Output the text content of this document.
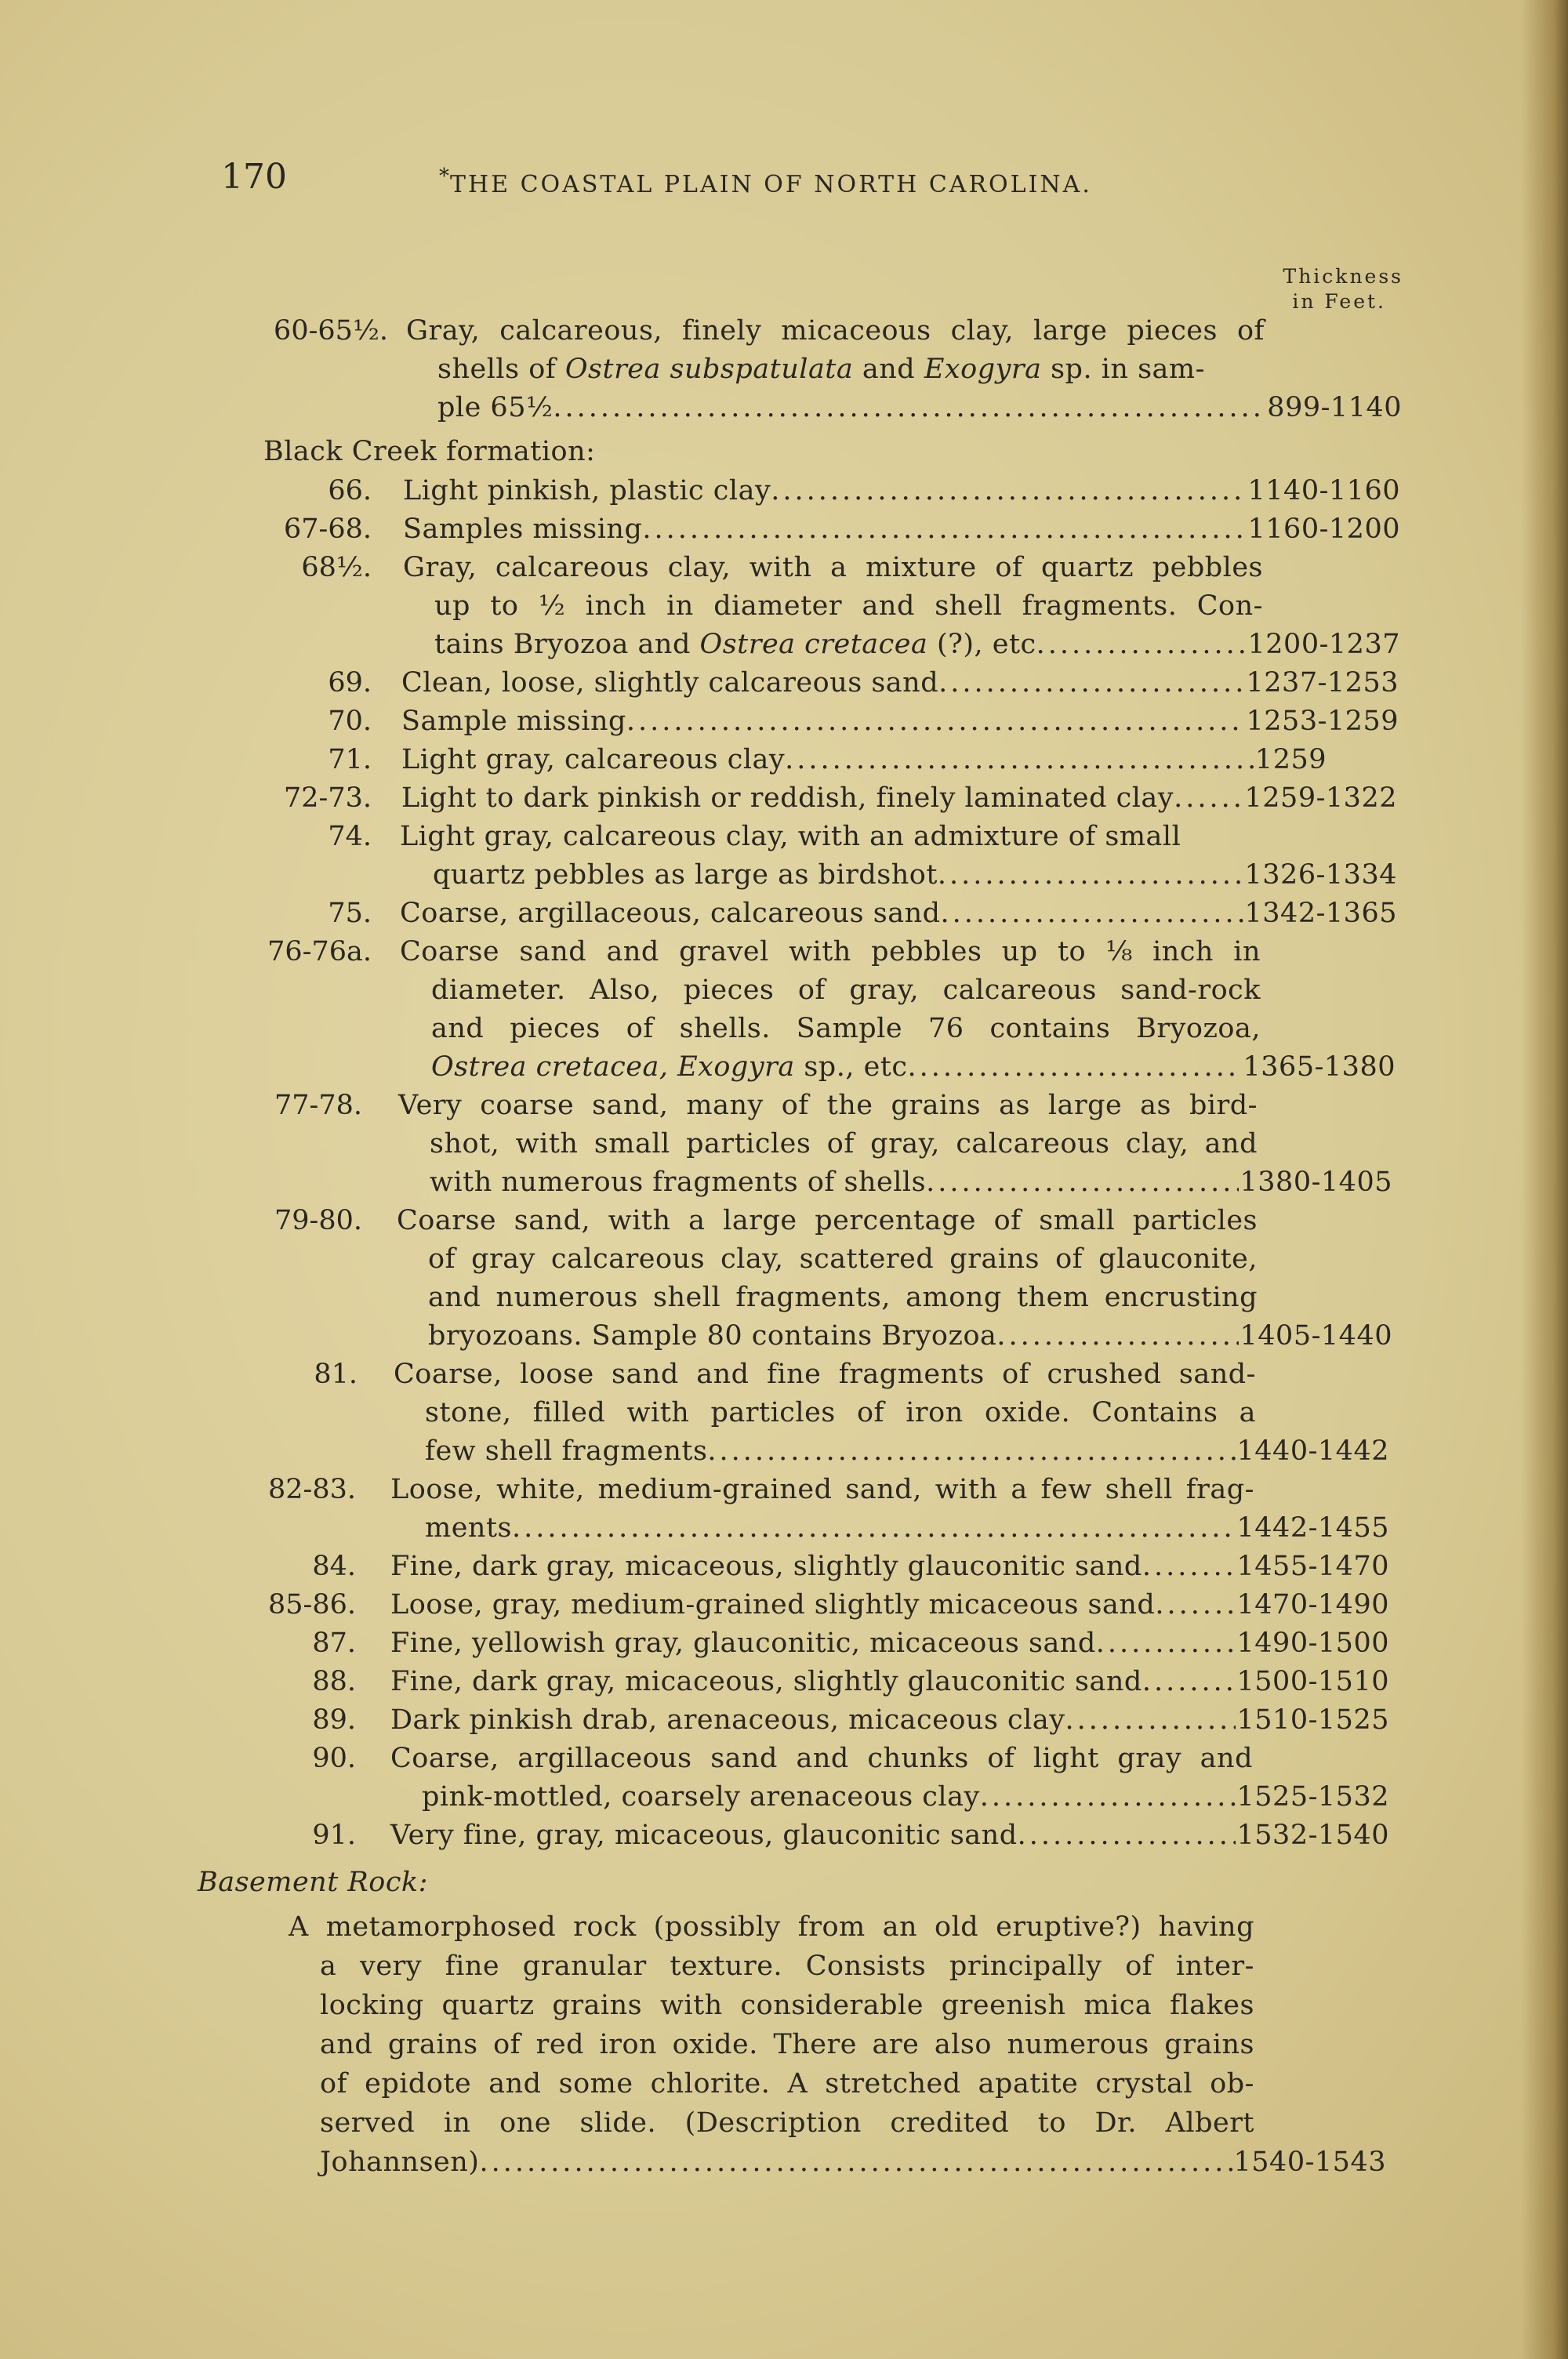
170	* THE COASTAL PLAIN OF NORTH CAROLINA.
Thickness
in Feet.
60-65½. Gray, calcareous, finely micaceous clay, large pieces of
shells of Ostrea subspatulata and Exogyra sp. in sam-
ple 65½ .....	899-1140
Black Creek formation:
66. Light pinkish, plastic clay .....	1140-1160
67-68. Samples missing .....	1160-1200
68½. Gray, calcareous clay, with a mixture of quartz pebbles
up to ½ inch in diameter and shell fragments. Con-
tains Bryozoa and Ostrea cretacea (?), etc .....	1200-1237
69. Clean, loose, slightly calcareous sand .....	1237-1253
70. Sample missing .....	1253-1259
71. Light gray, calcareous clay .....	1259
72-73. Light to dark pinkish or reddish, finely laminated clay .....	1259-1322
74. Light gray, calcareous clay, with an admixture of small
quartz pebbles as large as birdshot .....	1326-1334
75. Coarse, argillaceous, calcareous sand .....	1342-1365
76-76a. Coarse sand and gravel with pebbles up to ⅛ inch in
diameter. Also, pieces of gray, calcareous sand-rock
and pieces of shells. Sample 76 contains Bryozoa,
Ostrea cretacea, Exogyra sp., etc .....	1365-1380
77-78. Very coarse sand, many of the grains as large as bird-
shot, with small particles of gray, calcareous clay, and
with numerous fragments of shells .....	1380-1405
79-80. Coarse sand, with a large percentage of small particles
of gray calcareous clay, scattered grains of glauconite,
and numerous shell fragments, among them encrusting
bryozoans. Sample 80 contains Bryozoa .....	1405-1440
81. Coarse, loose sand and fine fragments of crushed sand-
stone, filled with particles of iron oxide. Contains a
few shell fragments .....	1440-1442
82-83. Loose, white, medium-grained sand, with a few shell frag-
ments .....	1442-1455
84. Fine, dark gray, micaceous, slightly glauconitic sand .....	1455-1470
85-86. Loose, gray, medium-grained slightly micaceous sand .....	1470-1490
87. Fine, yellowish gray, glauconitic, micaceous sand .....	1490-1500
88. Fine, dark gray, micaceous, slightly glauconitic sand .....	1500-1510
89. Dark pinkish drab, arenaceous, micaceous clay .....	1510-1525
90. Coarse, argillaceous sand and chunks of light gray and
pink-mottled, coarsely arenaceous clay .....	1525-1532
91. Very fine, gray, micaceous, glauconitic sand .....	1532-1540
Basement Rock:
A metamorphosed rock (possibly from an old eruptive?) having
a very fine granular texture. Consists principally of inter-
locking quartz grains with considerable greenish mica flakes
and grains of red iron oxide. There are also numerous grains
of epidote and some chlorite. A stretched apatite crystal ob-
served in one slide. (Description credited to Dr. Albert
Johannsen) .....	1540-1543
